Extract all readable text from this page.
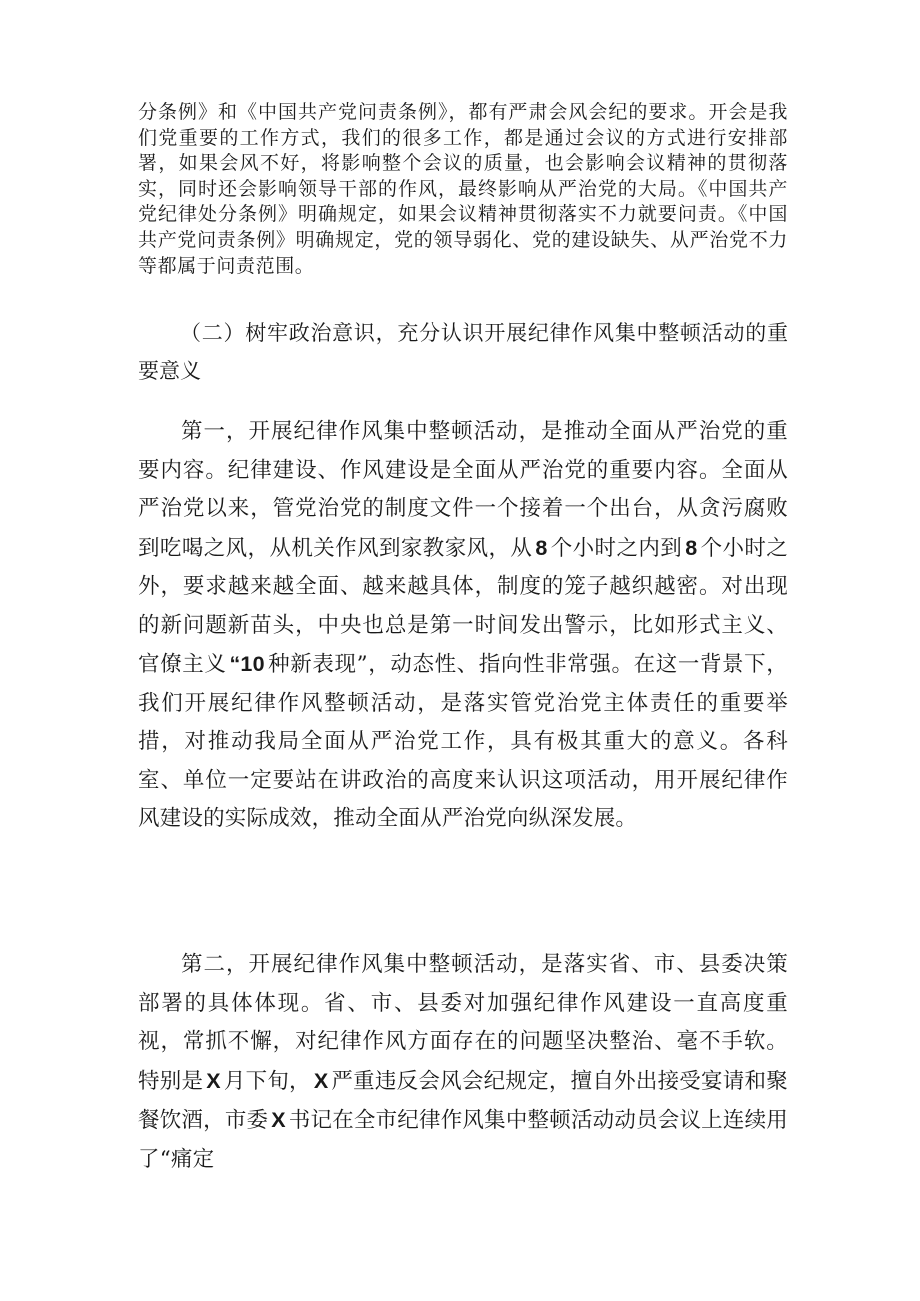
分条例》和《中国共产党问责条例》，都有严肃会风会纪的要求。开会是我们党重要的工作方式，我们的很多工作，都是通过会议的方式进行安排部署，如果会风不好，将影响整个会议的质量，也会影响会议精神的贯彻落实，同时还会影响领导干部的作风，最终影响从严治党的大局。《中国共产党纪律处分条例》明确规定，如果会议精神贯彻落实不力就要问责。《中国共产党问责条例》明确规定，党的领导弱化、党的建设缺失、从严治党不力等都属于问责范围。

（二）树牢政治意识，充分认识开展纪律作风集中整顿活动的重要意义

第一，开展纪律作风集中整顿活动，是推动全面从严治党的重要内容。纪律建设、作风建设是全面从严治党的重要内容。全面从严治党以来，管党治党的制度文件一个接着一个出台，从贪污腐败到吃喝之风，从机关作风到家教家风，从 8 个小时之内到 8 个小时之外，要求越来越全面、越来越具体，制度的笼子越织越密。对出现的新问题新苗头，中央也总是第一时间发出警示，比如形式主义、官僚主义 “10 种新表现”，动态性、指向性非常强。在这一背景下，我们开展纪律作风整顿活动，是落实管党治党主体责任的重要举措，对推动我局全面从严治党工作，具有极其重大的意义。各科室、单位一定要站在讲政治的高度来认识这项活动，用开展纪律作风建设的实际成效，推动全面从严治党向纵深发展。

第二，开展纪律作风集中整顿活动，是落实省、市、县委决策部署的具体体现。省、市、县委对加强纪律作风建设一直高度重视，常抓不懈，对纪律作风方面存在的问题坚决整治、毫不手软。特别是 X 月下旬， X 严重违反会风会纪规定，擅自外出接受宴请和聚餐饮酒，市委 X 书记在全市纪律作风集中整顿活动动员会议上连续用了“痛定
